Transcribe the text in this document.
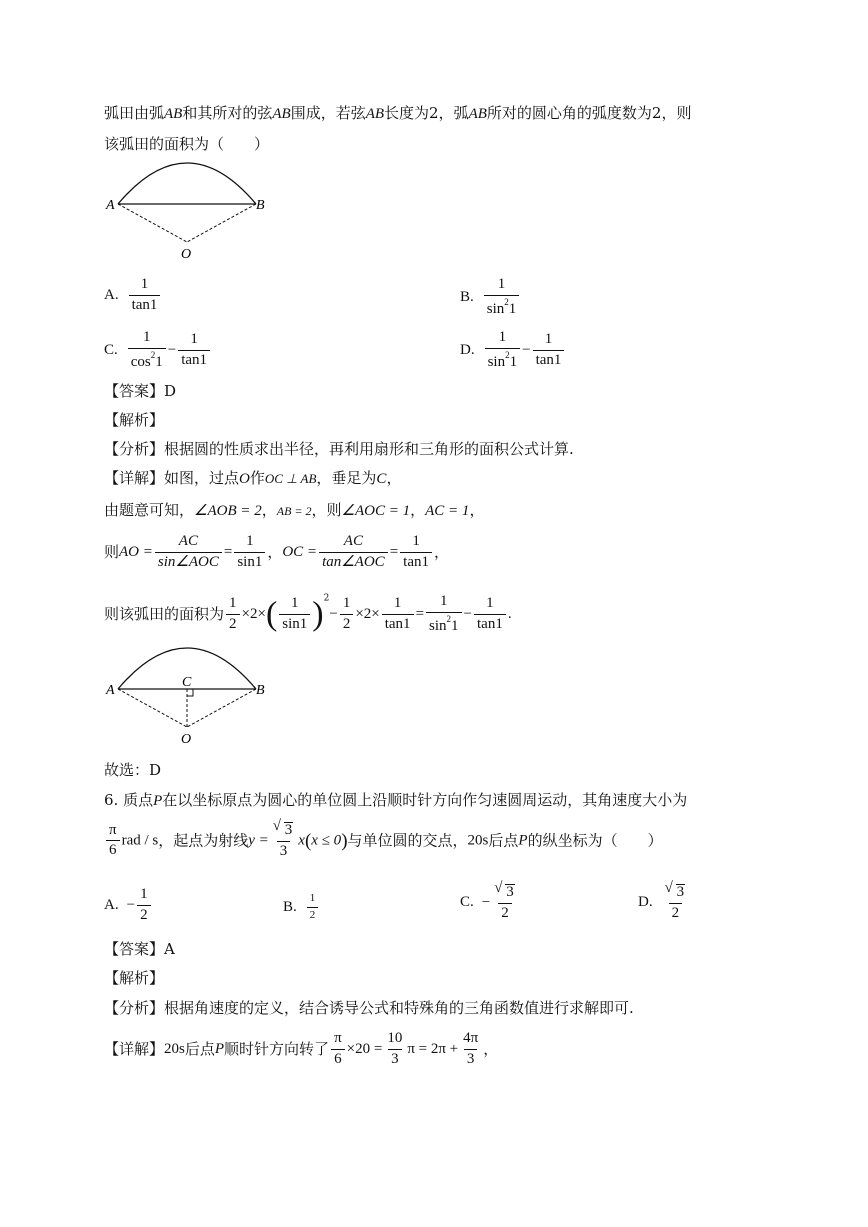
弧田由弧AB和其所对的弦AB围成，若弦AB长度为2，弧AB所对的圆心角的弧度数为2，则
该弧田的面积为（　　）
A	B
O
A. $\frac{1}{\tan 1}$	B. $\frac{1}{\sin^21}$
C. $\frac{1}{\cos^21} - \frac{1}{\tan 1}$	D. $\frac{1}{\sin^21} - \frac{1}{\tan 1}$
【答案】D
【解析】
【分析】根据圆的性质求出半径，再利用扇形和三角形的面积公式计算.
【详解】如图，过点O作OC ⊥ AB，垂足为C，
由题意可知，∠AOB = 2，AB = 2，则∠AOC = 1，AC = 1，
则AO = $\frac{AC}{\text{sin∠AOC}} = \frac{1}{\sin 1}$ ，OC = $\frac{AC}{\text{tan∠AOC}} = \frac{1}{\tan 1}$ ，
则该弧田的面积为 $\frac{1}{2} \times 2\times( \frac{1}{\sin 1} )^2- \frac{1}{2} \times 2\times \frac{1}{\tan 1} = \frac{1}{\sin^21} - \frac{1}{\tan 1}$ .
A	B
C
O
故选：D
6. 质点P在以坐标原点为圆心的单位圆上沿顺时针方向作匀速圆周运动，其角速度大小为
$\frac{\pi}{6}$ rad / s，起点为射线y = √ $\frac{3}{3} x(x \le 0)$与单位圆的交点，20s后点P的纵坐标为（　　）
A. − $\frac{1}{2}$	B. $\frac{1}{2}$	C. − √ $\frac{3}{2}$	D. √ $\frac{3}{2}$
【答案】A
【解析】
【分析】根据角速度的定义，结合诱导公式和特殊角的三角函数值进行求解即可.
【详解】20s后点P顺时针方向转了 $\frac{\pi}{6} \times 20 = \frac{10}{3}$ $\pi = 2\pi + \frac{4\pi}{3}$ ，
